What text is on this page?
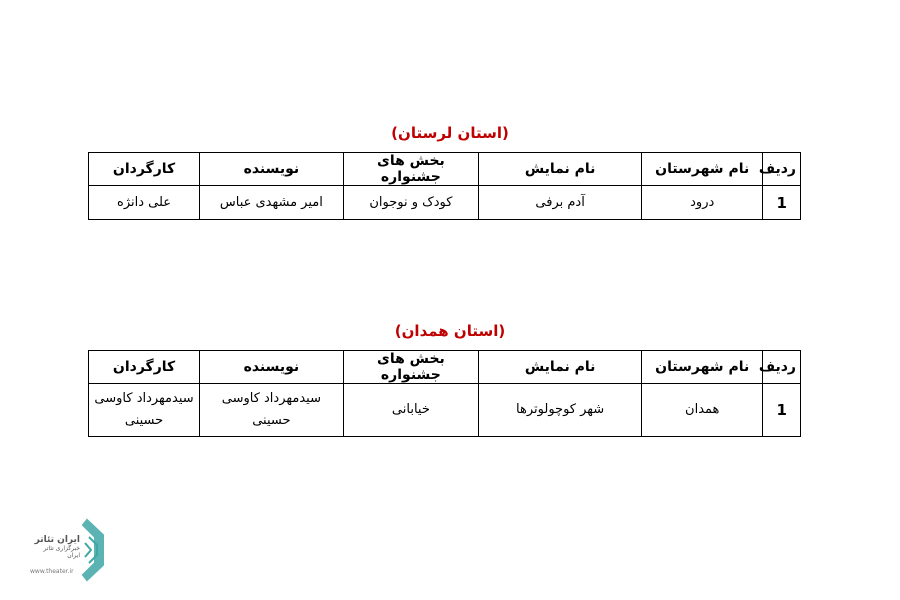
(استان لرستان)
ردیف	نام شهرستان	نام نمایش	بخش های جشنواره	نویسنده	کارگردان
1	درود	آدم برفی	کودک و نوجوان	امیر مشهدی عباس	علی دانژه
(استان همدان)
ردیف	نام شهرستان	نام نمایش	بخش های جشنواره	نویسنده	کارگردان
1	همدان	شهر کوچولوترها	خیابانی	سیدمهرداد کاوسی حسینی	سیدمهرداد کاوسی حسینی
ایران تئاتر
خبرگزاری تئاتر ایران
www.theater.ir
